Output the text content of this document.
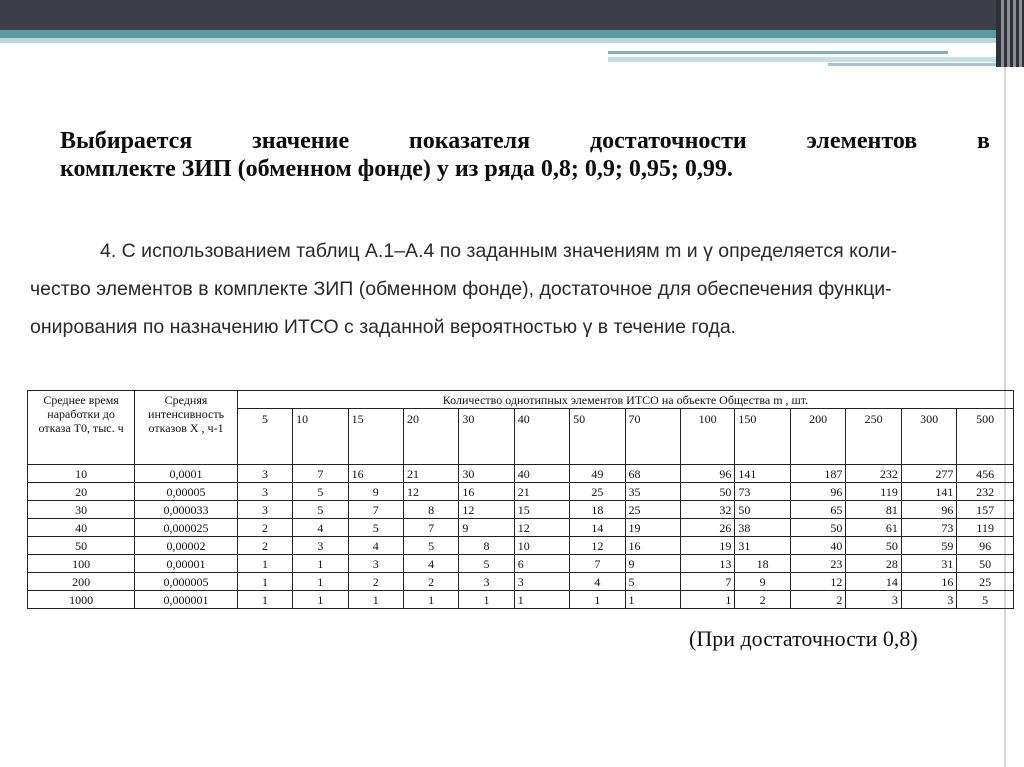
Выбирается значение показателя достаточности элементов в
комплекте ЗИП (обменном фонде) у из ряда 0,8; 0,9; 0,95; 0,99.
4. С использованием таблиц А.1–А.4 по заданным значениям m и γ определяется коли-
чество элементов в комплекте ЗИП (обменном фонде), достаточное для обеспечения функци-
онирования по назначению ИТСО с заданной вероятностью γ в течение года.
Среднее время наработки до отказа T0, тыс. ч	Средняя интенсивность отказов X , ч-1	Количество однотипных элементов ИТСО на объекте Общества m , шт.													
		5	10	15	20	30	40	50	70	100	150	200	250	300	500
10	0,0001	3	7	16	21	30	40	49	68	96	141	187	232	277	456
20	0,00005	3	5	9	12	16	21	25	35	50	73	96	119	141	232
30	0,000033	3	5	7	8	12	15	18	25	32	50	65	81	96	157
40	0,000025	2	4	5	7	9	12	14	19	26	38	50	61	73	119
50	0,00002	2	3	4	5	8	10	12	16	19	31	40	50	59	96
100	0,00001	1	1	3	4	5	6	7	9	13	18	23	28	31	50
200	0,000005	1	1	2	2	3	3	4	5	7	9	12	14	16	25
1000	0,000001	1	1	1	1	1	1	1	1	1	2	2	3	3	5
(При достаточности 0,8)
